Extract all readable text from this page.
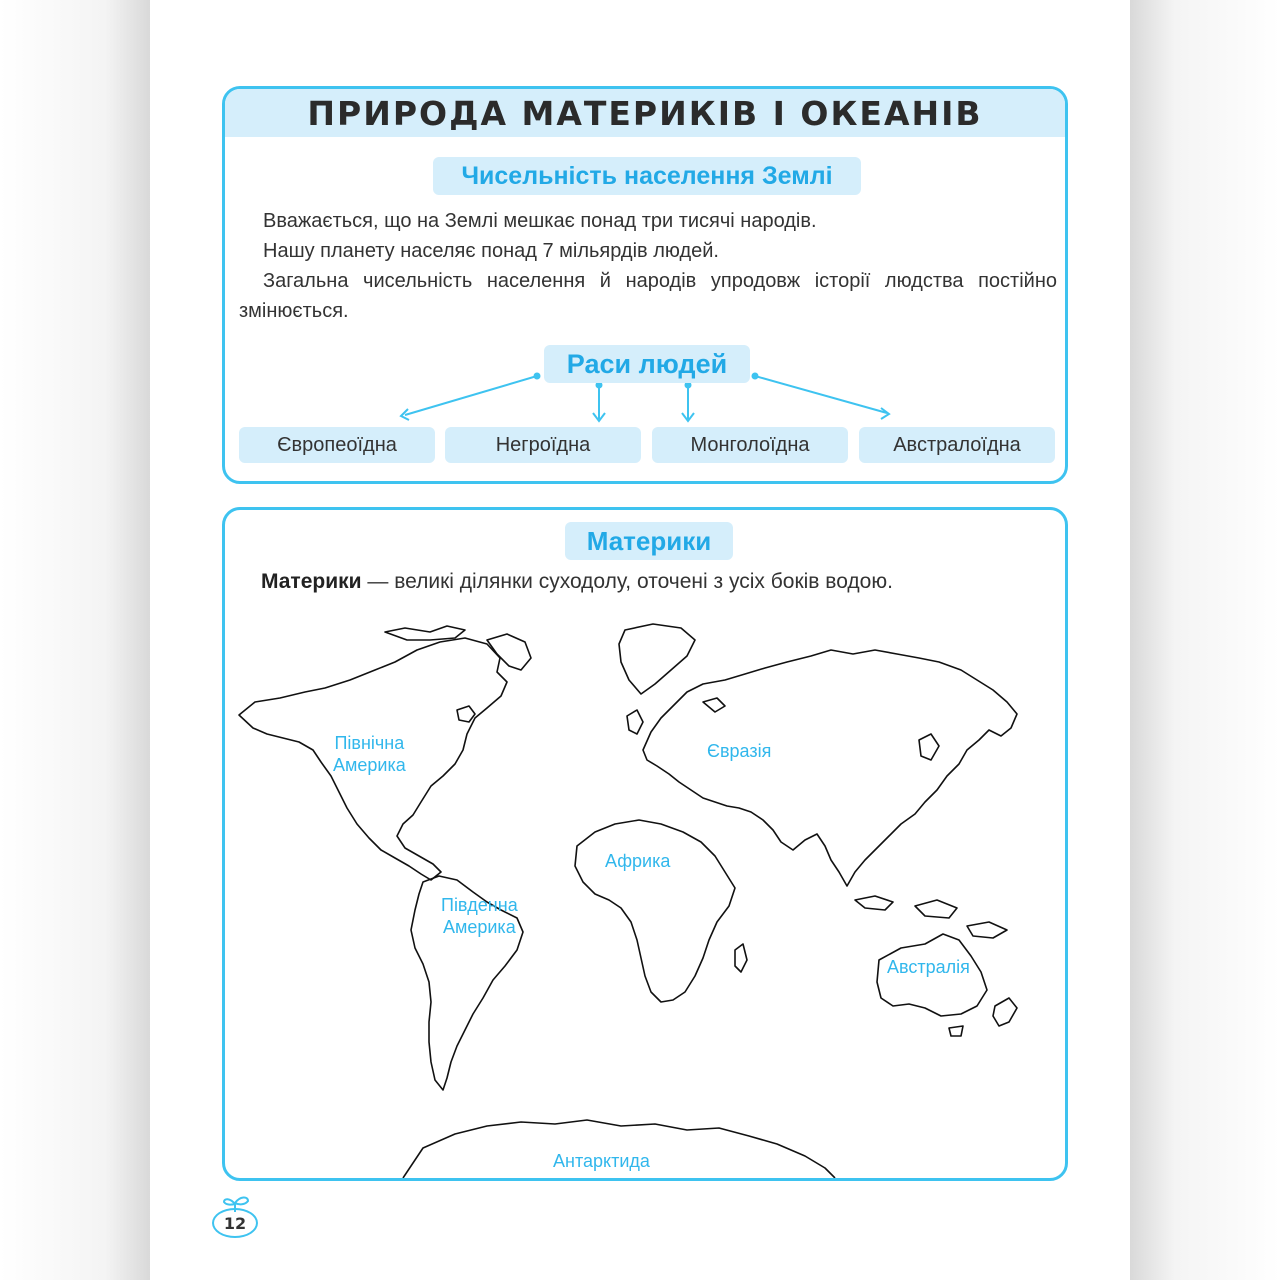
ПРИРОДА МАТЕРИКІВ І ОКЕАНІВ
Чисельність населення Землі

Вважається, що на Землі мешкає понад три тисячі народів.

Нашу планету населяє понад 7 мільярдів людей.

Загальна чисельність населення й народів упродовж історії людства постійно змінюється.

Раси людей
Європеоїдна	Негроїдна	Монголоїдна	Австралоїдна
Материки
Материки — великі ділянки суходолу, оточені з усіх боків водою.
Північна
Америка
Південна
Америка
Євразія
Африка
Австралія
Антарктида
12
